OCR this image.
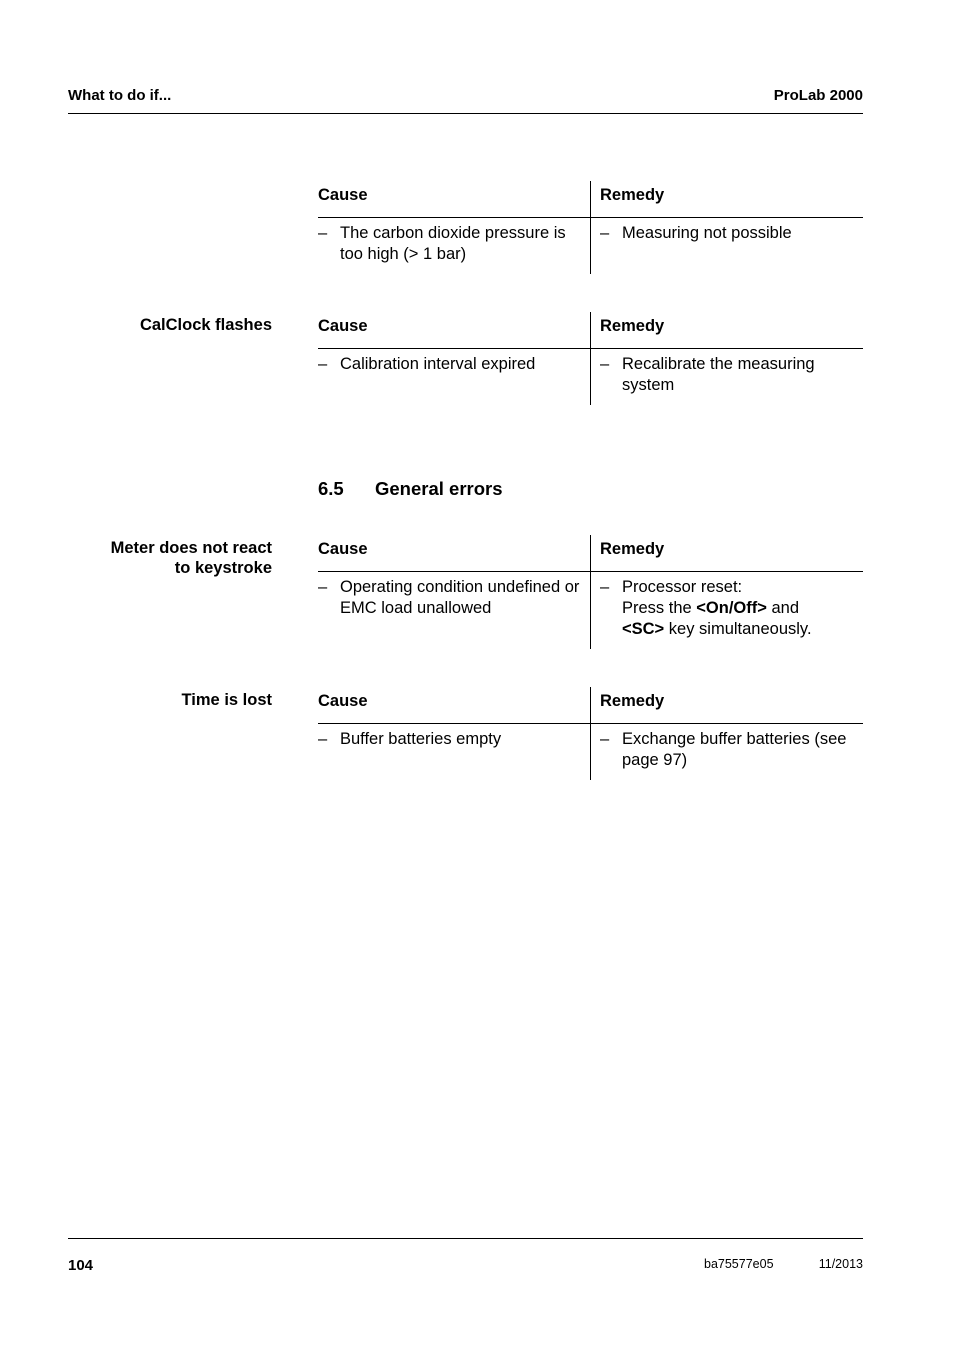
What to do if...	ProLab 2000
Cause	Remedy

– The carbon dioxide pressure is too high (> 1 bar)	– Measuring not possible
CalClock flashes	Cause	Remedy

– Calibration interval expired	– Recalibrate the measuring system
6.5 General errors
Meter does not react
to keystroke
Cause	Remedy

– Operating condition undefined or EMC load unallowed	– Processor reset:
Press the <On/Off> and
<SC> key simultaneously.
Time is lost	Cause	Remedy

– Buffer batteries empty	– Exchange buffer batteries (see page 97)
104	ba75577e05	11/2013
